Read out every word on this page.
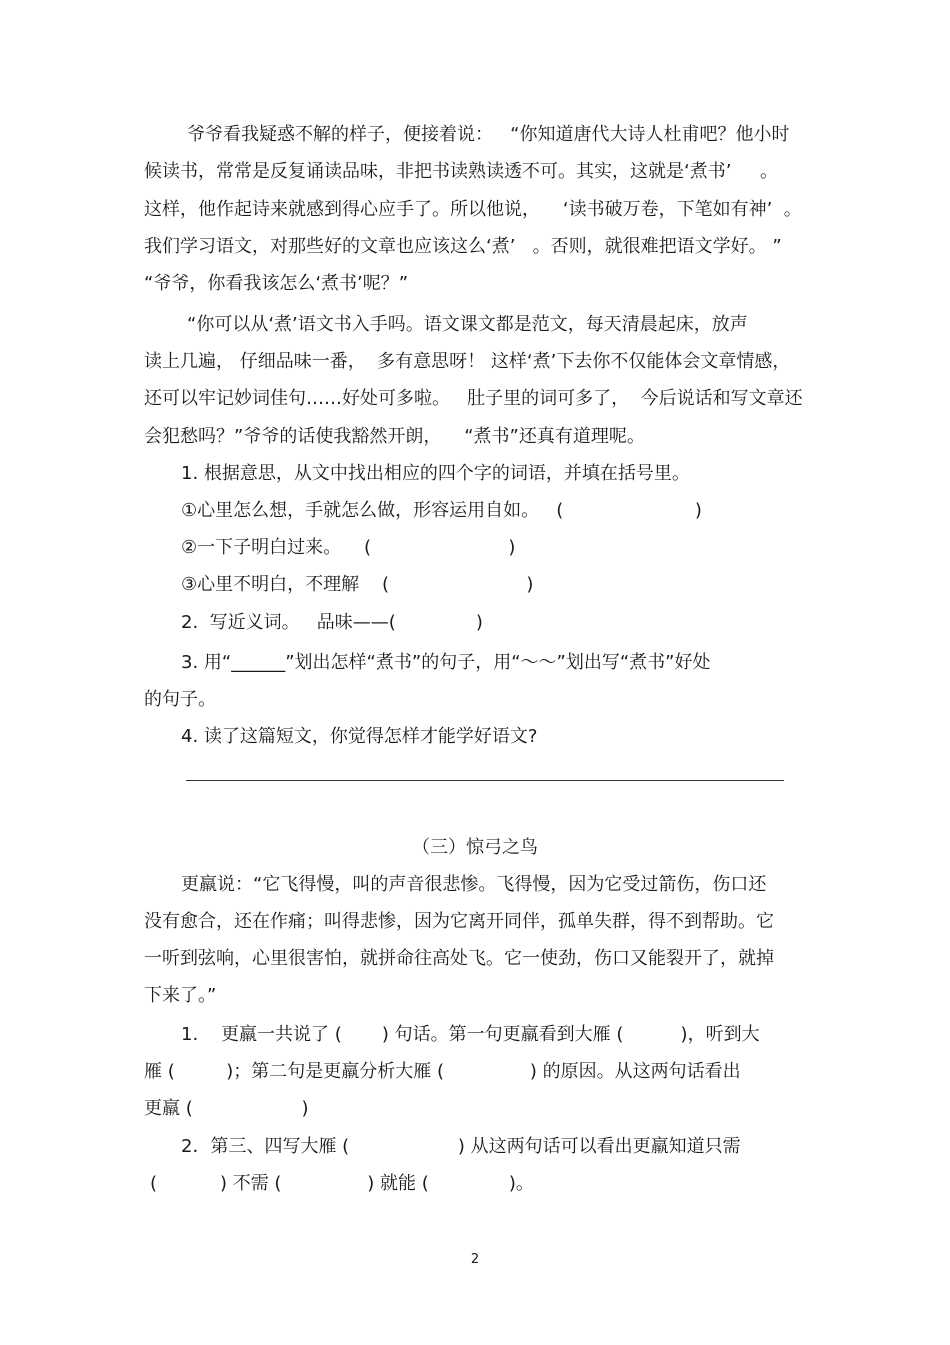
爷爷看我疑惑不解的样子，便接着说：   “你知道唐代大诗人杜甫吧？他小时
候读书，常常是反复诵读品味，非把书读熟读透不可。其实，这就是‘煮书’     。
这样，他作起诗来就感到得心应手了。所以他说，    ‘读书破万卷，下笔如有神’  。
我们学习语文，对那些好的文章也应该这么‘煮’   。否则，就很难把语文学好。 ”
“爷爷，你看我该怎么‘煮书’呢？”
“你可以从‘煮’语文书入手吗。语文课文都是范文，每天清晨起床，放声
读上几遍， 仔细品味一番，  多有意思呀！ 这样‘煮’下去你不仅能体会文章情感，
还可以牢记妙词佳句……好处可多啦。   肚子里的词可多了，  今后说话和写文章还
会犯愁吗？”爷爷的话使我豁然开朗，    “煮书”还真有道理呢。
1. 根据意思，从文中找出相应的四个字的词语，并填在括号里。
①心里怎么想，手就怎么做，形容运用自如。   (                       )
②一下子明白过来。    (                        )
③心里不明白，不理解    (                        )
2.  写近义词。   品味——(              )
3. 用“______”划出怎样“煮书”的句子，用“～～”划出写“煮书”好处
的句子。
4. 读了这篇短文，你觉得怎样才能学好语文?
（三）惊弓之鸟
更羸说：“它飞得慢，叫的声音很悲惨。飞得慢，因为它受过箭伤，伤口还
没有愈合，还在作痛；叫得悲惨，因为它离开同伴，孤单失群，得不到帮助。它
一听到弦响，心里很害怕，就拼命往高处飞。它一使劲，伤口又能裂开了，就掉
下来了。”
1.    更羸一共说了 (       ) 句话。第一句更羸看到大雁 (          )，听到大
雁 (         )；第二句是更羸分析大雁 (               ) 的原因。从这两句话看出
更羸 (                   )
2．第三、四写大雁 (                   ) 从这两句话可以看出更羸知道只需
(           ) 不需 (               ) 就能 (              )。
2
